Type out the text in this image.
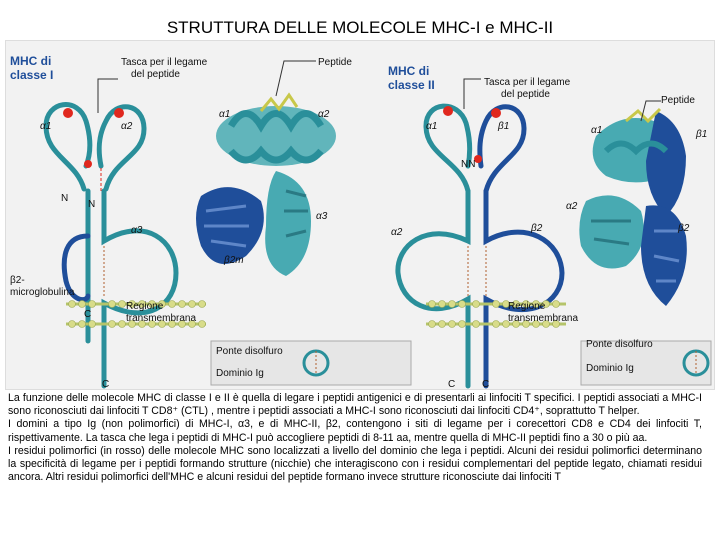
STRUTTURA DELLE MOLECOLE MHC-I e MHC-II
MHC di
classe I
Tasca per il legame
del peptide
Peptide
α1	α2
N
N
α3
β2-
microglobulina
C
Regione
transmembrana
α1	α2
α3
β2m
Ponte disolfuro
Dominio Ig
C
MHC di
classe II	Tasca per il legame
del peptide
Peptide
α1	β1
NN
α2	β2
Regione
transmembrana
α1	β1
α2
β2
Ponte disolfuro
Dominio Ig
C	C

La funzione delle molecole MHC di classe I e II è quella di legare i peptidi antigenici e di presentarli ai linfociti T specifici. I peptidi associati a MHC-I sono riconosciuti dai linfociti T CD8⁺ (CTL) , mentre i peptidi associati a MHC-I sono riconosciuti dai linfociti CD4⁺, soprattutto T helper.

I domini a tipo Ig (non polimorfici) di MHC-I, α3, e di MHC-II, β2, contengono i siti di legame per i corecettori CD8 e CD4 dei linfociti T, rispettivamente. La tasca che lega i peptidi di MHC-I può accogliere peptidi di 8-11 aa, mentre quella di MHC-II peptidi fino a 30 o più aa.

I residui polimorfici (in rosso) delle molecole MHC sono localizzati a livello del dominio che lega i peptidi. Alcuni dei residui polimorfici determinano la specificità di legame per i peptidi formando strutture (nicchie) che interagiscono con i residui complementari del peptide legato, chiamati residui ancora. Altri residui polimorfici dell'MHC e alcuni residui del peptide formano invece strutture riconosciute dai linfociti T
